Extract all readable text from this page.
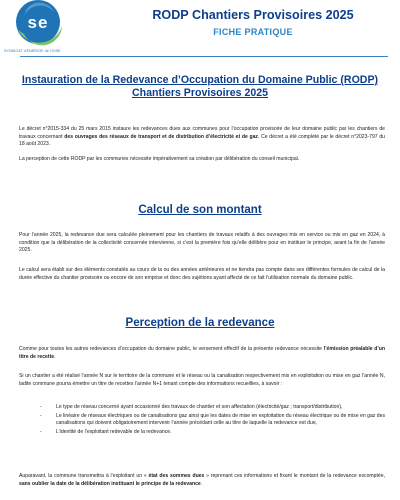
se
SYNDICAT d'ENERGIE de l'OISE
RODP Chantiers Provisoires 2025
FICHE PRATIQUE
Instauration de la Redevance d’Occupation du Domaine Public (RODP)
Chantiers Provisoires 2025
Le décret n°2015-334 du 25 mars 2015 instaure les redevances dues aux communes pour l’occupation provisoire de leur domaine public par les chantiers de travaux concernant des ouvrages des réseaux de transport et de distribution d’électricité et de gaz. Ce décret a été complété par le décret n°2023-797 du 18 août 2023.
La perception de cette RODP par les communes nécessite impérativement sa création par délibération du conseil municipal.
Calcul de son montant
Pour l’année 2025, la redevance due sera calculée pleinement pour les chantiers de travaux relatifs à des ouvrages mis en service ou mis en gaz en 2024, à condition que la délibération de la collectivité concernée intervienne, si c’est la première fois qu’elle délibère pour en instituer le principe, avant la fin de l’année 2025.
Le calcul sera établi sur des éléments constatés au cours de la ou des années antérieures et ne tiendra pas compte dans ses différentes formules de calcul de la durée effective du chantier provisoire ou encore de son emprise et donc des sujétions ayant affecté de ce fait l’utilisation normale du domaine public.
Perception de la redevance
Comme pour toutes les autres redevances d’occupation du domaine public, le versement effectif de la présente redevance nécessite l’émission préalable d’un titre de recette.
Si un chantier a été réalisé l’année N sur le territoire de la commune et le réseau ou la canalisation respectivement mis en exploitation ou mise en gaz l’année N, ladite commune pourra émettre un titre de recettes l’année N+1 tenant compte des informations recueillies, à savoir :
- Le type de réseau concerné ayant occasionné des travaux de chantier et son affectation (électricité/gaz ; transport/distribution),
- Le linéaire de réseaux électriques ou de canalisations gaz ainsi que les dates de mise en exploitation du réseau électrique ou de mise en gaz des canalisations qui doivent obligatoirement intervenir l’année précédant celle au titre de laquelle la redevance est due,
- L’identité de l’exploitant redevable de la redevance.
Auparavant, la commune transmettra à l’exploitant un « état des sommes dues » reprenant ces informations et fixant le montant de la redevance escomptée, sans oublier la date de la délibération instituant le principe de la redevance.
